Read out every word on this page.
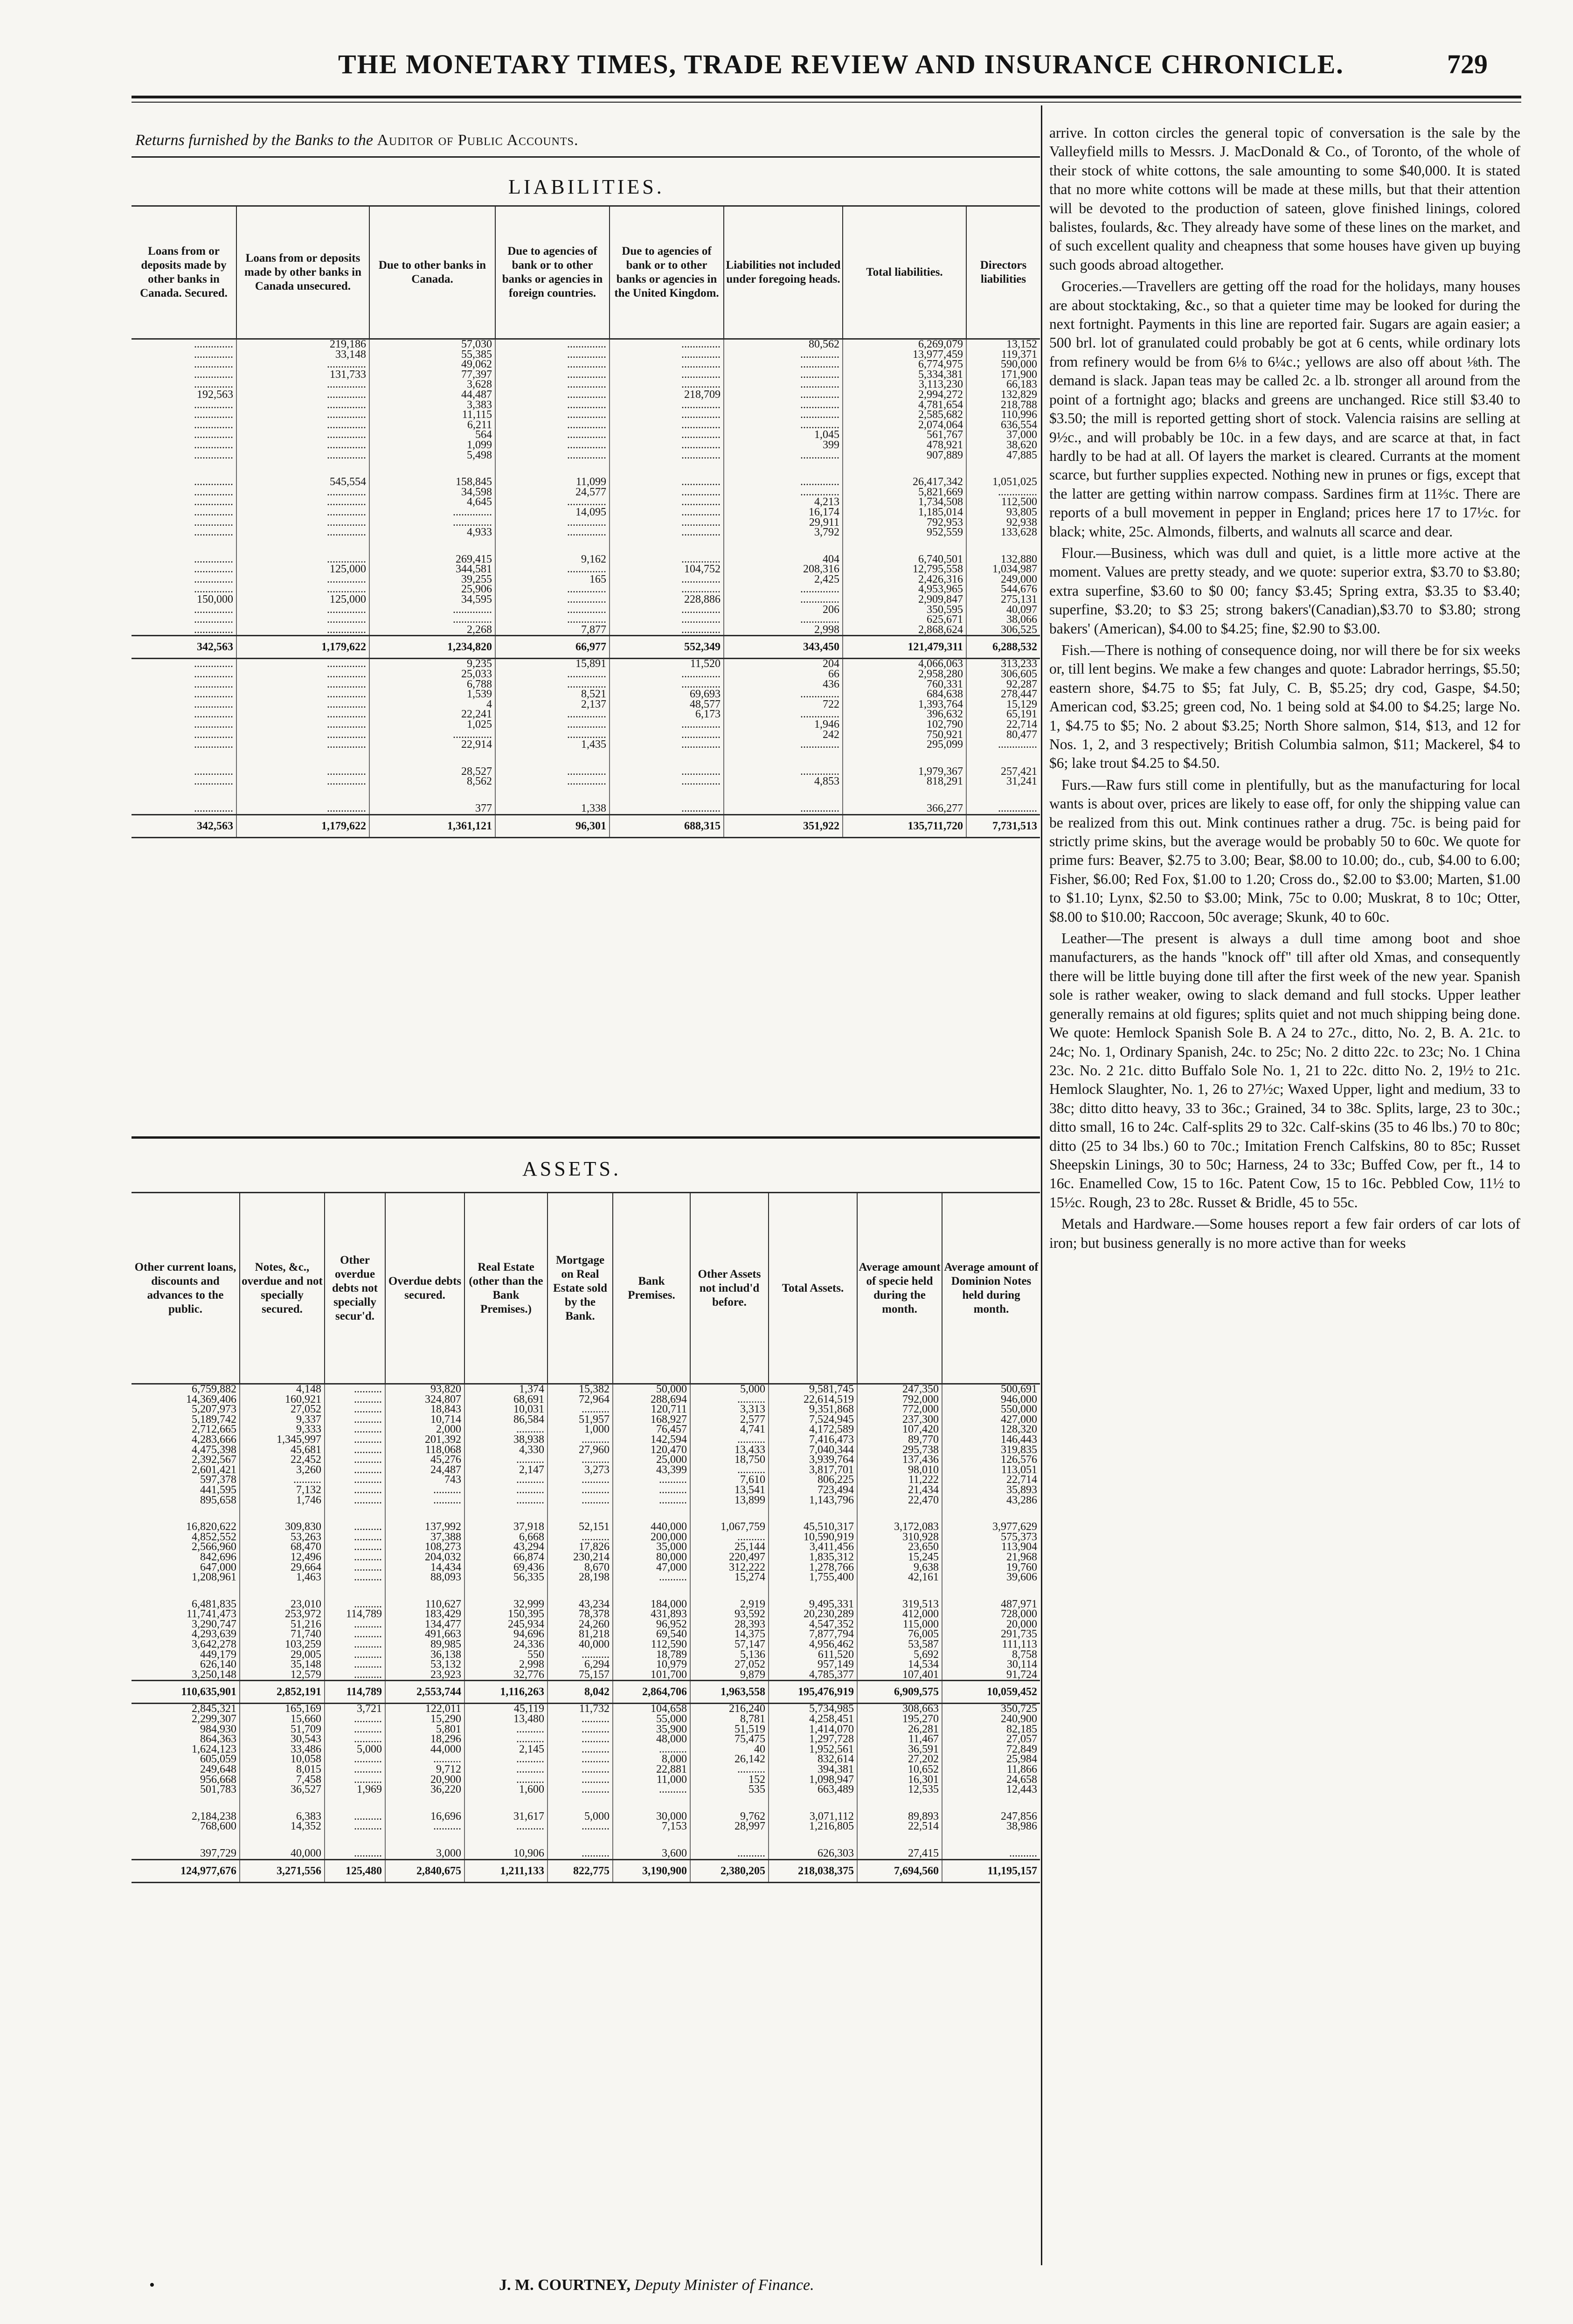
THE MONETARY TIMES, TRADE REVIEW AND INSURANCE CHRONICLE.	729
Returns furnished by the Banks to the Auditor of Public Accounts.
LIABILITIES.
Loans from or deposits made by other banks in Canada. Secured.	Loans from or deposits made by other banks in Canada unsecured.	Due to other banks in Canada.	Due to agencies of bank or to other banks or agencies in foreign countries.	Due to agencies of bank or to other banks or agencies in the United Kingdom.	Liabilities not included under foregoing heads.	Total liabilities.	Directors liabilities
..............	219,186	57,030	..............	..............	80,562	6,269,079	13,152
..............	33,148	55,385	..............	..............	..............	13,977,459	119,371
..............	..............	49,062	..............	..............	..............	6,774,975	590,000
..............	131,733	77,397	..............	..............	..............	5,334,381	171,900
..............	..............	3,628	..............	..............	..............	3,113,230	66,183
192,563	..............	44,487	..............	218,709	..............	2,994,272	132,829
..............	..............	3,383	..............	..............	..............	4,781,654	218,788
..............	..............	11,115	..............	..............	..............	2,585,682	110,996
..............	..............	6,211	..............	..............	..............	2,074,064	636,554
..............	..............	564	..............	..............	1,045	561,767	37,000
..............	..............	1,099	..............	..............	399	478,921	38,620
..............	..............	5,498	..............	..............	..............	907,889	47,885

..............	545,554	158,845	11,099	..............	..............	26,417,342	1,051,025
..............	..............	34,598	24,577	..............	..............	5,821,669	..............
..............	..............	4,645	..............	..............	4,213	1,734,508	112,500
..............	..............	..............	14,095	..............	16,174	1,185,014	93,805
..............	..............	..............	..............	..............	29,911	792,953	92,938
..............	..............	4,933	..............	..............	3,792	952,559	133,628

..............	..............	269,415	9,162	..............	404	6,740,501	132,880
..............	125,000	344,581	..............	104,752	208,316	12,795,558	1,034,987
..............	..............	39,255	165	..............	2,425	2,426,316	249,000
..............	..............	25,906	..............	..............	..............	4,953,965	544,676
150,000	125,000	34,595	..............	228,886	..............	2,909,847	275,131
..............	..............	..............	..............	..............	206	350,595	40,097
..............	..............	..............	..............	..............	..............	625,671	38,066
..............	..............	2,268	7,877	..............	2,998	2,868,624	306,525
342,563	1,179,622	1,234,820	66,977	552,349	343,450	121,479,311	6,288,532
..............	..............	9,235	15,891	11,520	204	4,066,063	313,233
..............	..............	25,033	..............	..............	66	2,958,280	306,605
..............	..............	6,788	..............	..............	436	760,331	92,287
..............	..............	1,539	8,521	69,693	..............	684,638	278,447
..............	..............	4	2,137	48,577	722	1,393,764	15,129
..............	..............	22,241	..............	6,173	..............	396,632	65,191
..............	..............	1,025	..............	..............	1,946	102,790	22,714
..............	..............	..............	..............	..............	242	750,921	80,477
..............	..............	22,914	1,435	..............	..............	295,099	..............

..............	..............	28,527	..............	..............	..............	1,979,367	257,421
..............	..............	8,562	..............	..............	4,853	818,291	31,241

..............	..............	377	1,338	..............	..............	366,277	..............
342,563	1,179,622	1,361,121	96,301	688,315	351,922	135,711,720	7,731,513
ASSETS.
Other current loans, discounts and advances to the public.	Notes, &c., overdue and not specially secured.	Other overdue debts not specially secur'd.	Overdue debts secured.	Real Estate (other than the Bank Premises.)	Mortgage on Real Estate sold by the Bank.	Bank Premises.	Other Assets not includ'd before.	Total Assets.	Average amount of specie held during the month.	Average amount of Dominion Notes held during month.
6,759,882	4,148	..........	93,820	1,374	15,382	50,000	5,000	9,581,745	247,350	500,691
14,369,406	160,921	..........	324,807	68,691	72,964	288,694	..........	22,614,519	792,000	946,000
5,207,973	27,052	..........	18,843	10,031	..........	120,711	3,313	9,351,868	772,000	550,000
5,189,742	9,337	..........	10,714	86,584	51,957	168,927	2,577	7,524,945	237,300	427,000
2,712,665	9,333	..........	2,000	..........	1,000	76,457	4,741	4,172,589	107,420	128,320
4,283,666	1,345,997	..........	201,392	38,938	..........	142,594	..........	7,416,473	89,770	146,443
4,475,398	45,681	..........	118,068	4,330	27,960	120,470	13,433	7,040,344	295,738	319,835
2,392,567	22,452	..........	45,276	..........	..........	25,000	18,750	3,939,764	137,436	126,576
2,601,421	3,260	..........	24,487	2,147	3,273	43,399	..........	3,817,701	98,010	113,051
597,378	..........	..........	743	..........	..........	..........	7,610	806,225	11,222	22,714
441,595	7,132	..........	..........	..........	..........	..........	13,541	723,494	21,434	35,893
895,658	1,746	..........	..........	..........	..........	..........	13,899	1,143,796	22,470	43,286

16,820,622	309,830	..........	137,992	37,918	52,151	440,000	1,067,759	45,510,317	3,172,083	3,977,629
4,852,552	53,263	..........	37,388	6,668	..........	200,000	..........	10,590,919	310,928	575,373
2,566,960	68,470	..........	108,273	43,294	17,826	35,000	25,144	3,411,456	23,650	113,904
842,696	12,496	..........	204,032	66,874	230,214	80,000	220,497	1,835,312	15,245	21,968
647,000	29,664	..........	14,434	69,436	8,670	47,000	312,222	1,278,766	9,638	19,760
1,208,961	1,463	..........	88,093	56,335	28,198	..........	15,274	1,755,400	42,161	39,606

6,481,835	23,010	..........	110,627	32,999	43,234	184,000	2,919	9,495,331	319,513	487,971
11,741,473	253,972	114,789	183,429	150,395	78,378	431,893	93,592	20,230,289	412,000	728,000
3,290,747	51,216	..........	134,477	245,934	24,260	96,952	28,393	4,547,352	115,000	20,000
4,293,639	71,740	..........	491,663	94,696	81,218	69,540	14,375	7,877,794	76,005	291,735
3,642,278	103,259	..........	89,985	24,336	40,000	112,590	57,147	4,956,462	53,587	111,113
449,179	29,005	..........	36,138	550	..........	18,789	5,136	611,520	5,692	8,758
626,140	35,148	..........	53,132	2,998	6,294	10,979	27,052	957,149	14,534	30,114
3,250,148	12,579	..........	23,923	32,776	75,157	101,700	9,879	4,785,377	107,401	91,724
110,635,901	2,852,191	114,789	2,553,744	1,116,263	8,042	2,864,706	1,963,558	195,476,919	6,909,575	10,059,452
2,845,321	165,169	3,721	122,011	45,119	11,732	104,658	216,240	5,734,985	308,663	350,725
2,299,307	15,660	..........	15,290	13,480	..........	55,000	8,781	4,258,451	195,270	240,900
984,930	51,709	..........	5,801	..........	..........	35,900	51,519	1,414,070	26,281	82,185
864,363	30,543	..........	18,296	..........	..........	48,000	75,475	1,297,728	11,467	27,057
1,624,123	33,486	5,000	44,000	2,145	..........	..........	40	1,952,561	36,591	72,849
605,059	10,058	..........	..........	..........	..........	8,000	26,142	832,614	27,202	25,984
249,648	8,015	..........	9,712	..........	..........	22,881	..........	394,381	10,652	11,866
956,668	7,458	..........	20,900	..........	..........	11,000	152	1,098,947	16,301	24,658
501,783	36,527	1,969	36,220	1,600	..........	..........	535	663,489	12,535	12,443

2,184,238	6,383	..........	16,696	31,617	5,000	30,000	9,762	3,071,112	89,893	247,856
768,600	14,352	..........	..........	..........	..........	7,153	28,997	1,216,805	22,514	38,986

397,729	40,000	..........	3,000	10,906	..........	3,600	..........	626,303	27,415	..........
124,977,676	3,271,556	125,480	2,840,675	1,211,133	822,775	3,190,900	2,380,205	218,038,375	7,694,560	11,195,157
•	J. M. COURTNEY, Deputy Minister of Finance.

arrive. In cotton circles the general topic of conversation is the sale by the Valleyfield mills to Messrs. J. MacDonald & Co., of Toronto, of the whole of their stock of white cottons, the sale amounting to some $40,000. It is stated that no more white cottons will be made at these mills, but that their attention will be devoted to the production of sateen, glove finished linings, colored balistes, foulards, &c. They already have some of these lines on the market, and of such excellent quality and cheapness that some houses have given up buying such goods abroad altogether.

Groceries.—Travellers are getting off the road for the holidays, many houses are about stocktaking, &c., so that a quieter time may be looked for during the next fortnight. Payments in this line are reported fair. Sugars are again easier; a 500 brl. lot of granulated could probably be got at 6 cents, while ordinary lots from refinery would be from 6⅛ to 6¼c.; yellows are also off about ⅛th. The demand is slack. Japan teas may be called 2c. a lb. stronger all around from the point of a fortnight ago; blacks and greens are unchanged. Rice still $3.40 to $3.50; the mill is reported getting short of stock. Valencia raisins are selling at 9½c., and will probably be 10c. in a few days, and are scarce at that, in fact hardly to be had at all. Of layers the market is cleared. Currants at the moment scarce, but further supplies expected. Nothing new in prunes or figs, except that the latter are getting within narrow compass. Sardines firm at 11⅔c. There are reports of a bull movement in pepper in England; prices here 17 to 17½c. for black; white, 25c. Almonds, filberts, and walnuts all scarce and dear.

Flour.—Business, which was dull and quiet, is a little more active at the moment. Values are pretty steady, and we quote: superior extra, $3.70 to $3.80; extra superfine, $3.60 to $0 00; fancy $3.45; Spring extra, $3.35 to $3.40; superfine, $3.20; to $3 25; strong bakers'(Canadian),$3.70 to $3.80; strong bakers' (American), $4.00 to $4.25; fine, $2.90 to $3.00.

Fish.—There is nothing of consequence doing, nor will there be for six weeks or, till lent begins. We make a few changes and quote: Labrador herrings, $5.50; eastern shore, $4.75 to $5; fat July, C. B, $5.25; dry cod, Gaspe, $4.50; American cod, $3.25; green cod, No. 1 being sold at $4.00 to $4.25; large No. 1, $4.75 to $5; No. 2 about $3.25; North Shore salmon, $14, $13, and 12 for Nos. 1, 2, and 3 respectively; British Columbia salmon, $11; Mackerel, $4 to $6; lake trout $4.25 to $4.50.

Furs.—Raw furs still come in plentifully, but as the manufacturing for local wants is about over, prices are likely to ease off, for only the shipping value can be realized from this out. Mink continues rather a drug. 75c. is being paid for strictly prime skins, but the average would be probably 50 to 60c. We quote for prime furs: Beaver, $2.75 to 3.00; Bear, $8.00 to 10.00; do., cub, $4.00 to 6.00; Fisher, $6.00; Red Fox, $1.00 to 1.20; Cross do., $2.00 to $3.00; Marten, $1.00 to $1.10; Lynx, $2.50 to $3.00; Mink, 75c to 0.00; Muskrat, 8 to 10c; Otter, $8.00 to $10.00; Raccoon, 50c average; Skunk, 40 to 60c.

Leather—The present is always a dull time among boot and shoe manufacturers, as the hands "knock off" till after old Xmas, and consequently there will be little buying done till after the first week of the new year. Spanish sole is rather weaker, owing to slack demand and full stocks. Upper leather generally remains at old figures; splits quiet and not much shipping being done. We quote: Hemlock Spanish Sole B. A 24 to 27c., ditto, No. 2, B. A. 21c. to 24c; No. 1, Ordinary Spanish, 24c. to 25c; No. 2 ditto 22c. to 23c; No. 1 China 23c. No. 2 21c. ditto Buffalo Sole No. 1, 21 to 22c. ditto No. 2, 19½ to 21c. Hemlock Slaughter, No. 1, 26 to 27½c; Waxed Upper, light and medium, 33 to 38c; ditto ditto heavy, 33 to 36c.; Grained, 34 to 38c. Splits, large, 23 to 30c.; ditto small, 16 to 24c. Calf-splits 29 to 32c. Calf-skins (35 to 46 lbs.) 70 to 80c; ditto (25 to 34 lbs.) 60 to 70c.; Imitation French Calfskins, 80 to 85c; Russet Sheepskin Linings, 30 to 50c; Harness, 24 to 33c; Buffed Cow, per ft., 14 to 16c. Enamelled Cow, 15 to 16c. Patent Cow, 15 to 16c. Pebbled Cow, 11½ to 15½c. Rough, 23 to 28c. Russet & Bridle, 45 to 55c.

Metals and Hardware.—Some houses report a few fair orders of car lots of iron; but business generally is no more active than for weeks
